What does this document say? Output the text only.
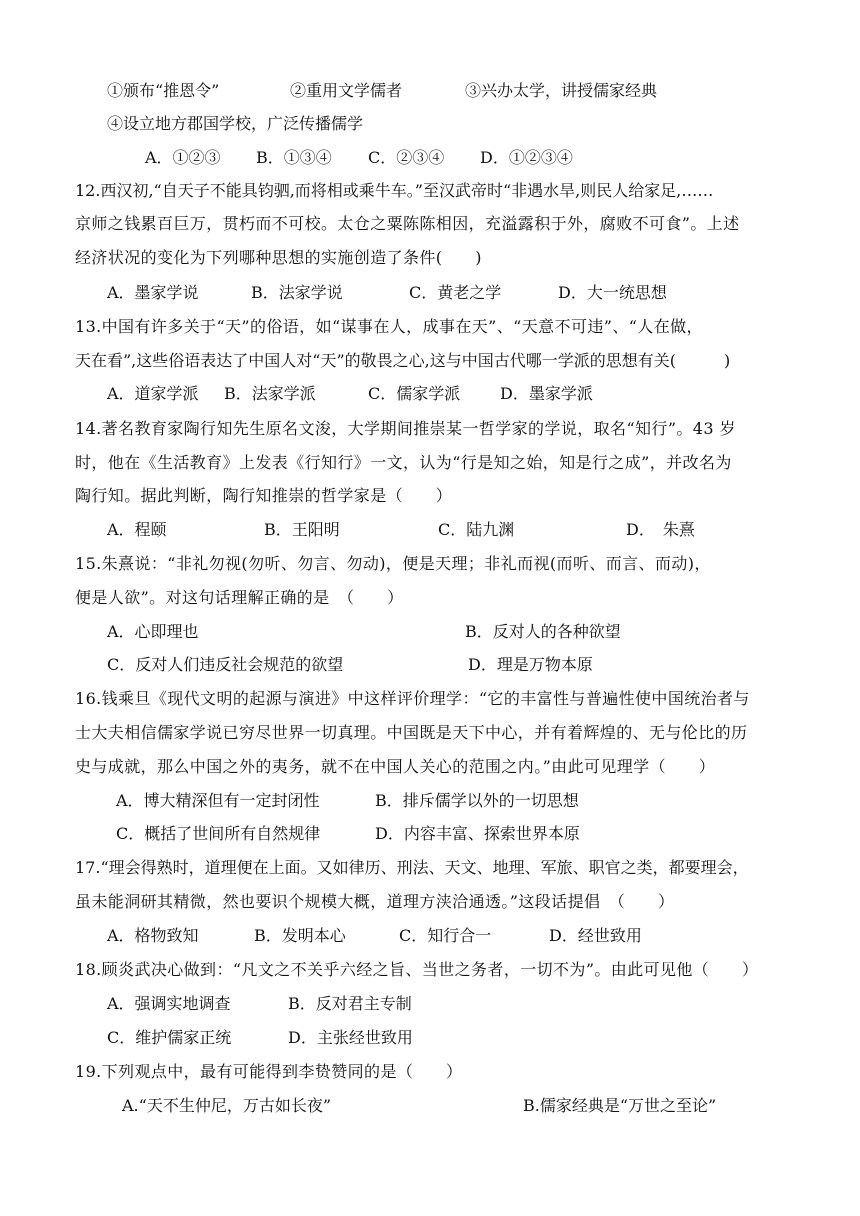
①颁布“推恩令”	②重用文学儒者	③兴办太学，讲授儒家经典
④设立地方郡国学校，广泛传播儒学
A．①②③ B．①③④ C．②③④ D．①②③④
12.西汉初,“自天子不能具钧驷,而将相或乘牛车。”至汉武帝时“非遇水旱,则民人给家足,……
京师之钱累百巨万，贯朽而不可校。太仓之粟陈陈相因，充溢露积于外，腐败不可食”。上述
经济状况的变化为下列哪种思想的实施创造了条件(　　)
A．墨家学说	B．法家学说	C．黄老之学	D．大一统思想
13.中国有许多关于“天”的俗语，如“谋事在人，成事在天”、“天意不可违”、“人在做，
天在看”,这些俗语表达了中国人对“天”的敬畏之心,这与中国古代哪一学派的思想有关(　　　)
A．道家学派 B．法家学派	C．儒家学派 D．墨家学派
14.著名教育家陶行知先生原名文浚，大学期间推崇某一哲学家的学说，取名“知行”。43 岁
时，他在《生活教育》上发表《行知行》一文，认为“行是知之始，知是行之成”，并改名为
陶行知。据此判断，陶行知推崇的哲学家是（　　）
A．程颐	B．王阳明	C．陆九渊	D．　朱熹
15.朱熹说：“非礼勿视(勿听、勿言、勿动)，便是天理；非礼而视(而听、而言、而动)，
便是人欲”。对这句话理解正确的是　（　　）
A．心即理也	B．反对人的各种欲望
C．反对人们违反社会规范的欲望	D．理是万物本原
16.钱乘旦《现代文明的起源与演进》中这样评价理学：“它的丰富性与普遍性使中国统治者与
士大夫相信儒家学说已穷尽世界一切真理。中国既是天下中心，并有着辉煌的、无与伦比的历
史与成就，那么中国之外的夷务，就不在中国人关心的范围之内。”由此可见理学（　　）
A．博大精深但有一定封闭性	B．排斥儒学以外的一切思想
C．概括了世间所有自然规律	D．内容丰富、探索世界本原
17.“理会得熟时，道理便在上面。又如律历、刑法、天文、地理、军旅、职官之类，都要理会，
虽未能洞研其精微，然也要识个规模大概，道理方浃洽通透。”这段话提倡　（　　）
A．格物致知	B．发明本心	C．知行合一	D．经世致用
18.顾炎武决心做到：“凡文之不关乎六经之旨、当世之务者，一切不为”。由此可见他（　　）
A．强调实地调查	B．反对君主专制
C．维护儒家正统	D．主张经世致用
19.下列观点中，最有可能得到李贽赞同的是（　　）
A.“天不生仲尼，万古如长夜”	B.儒家经典是“万世之至论”
